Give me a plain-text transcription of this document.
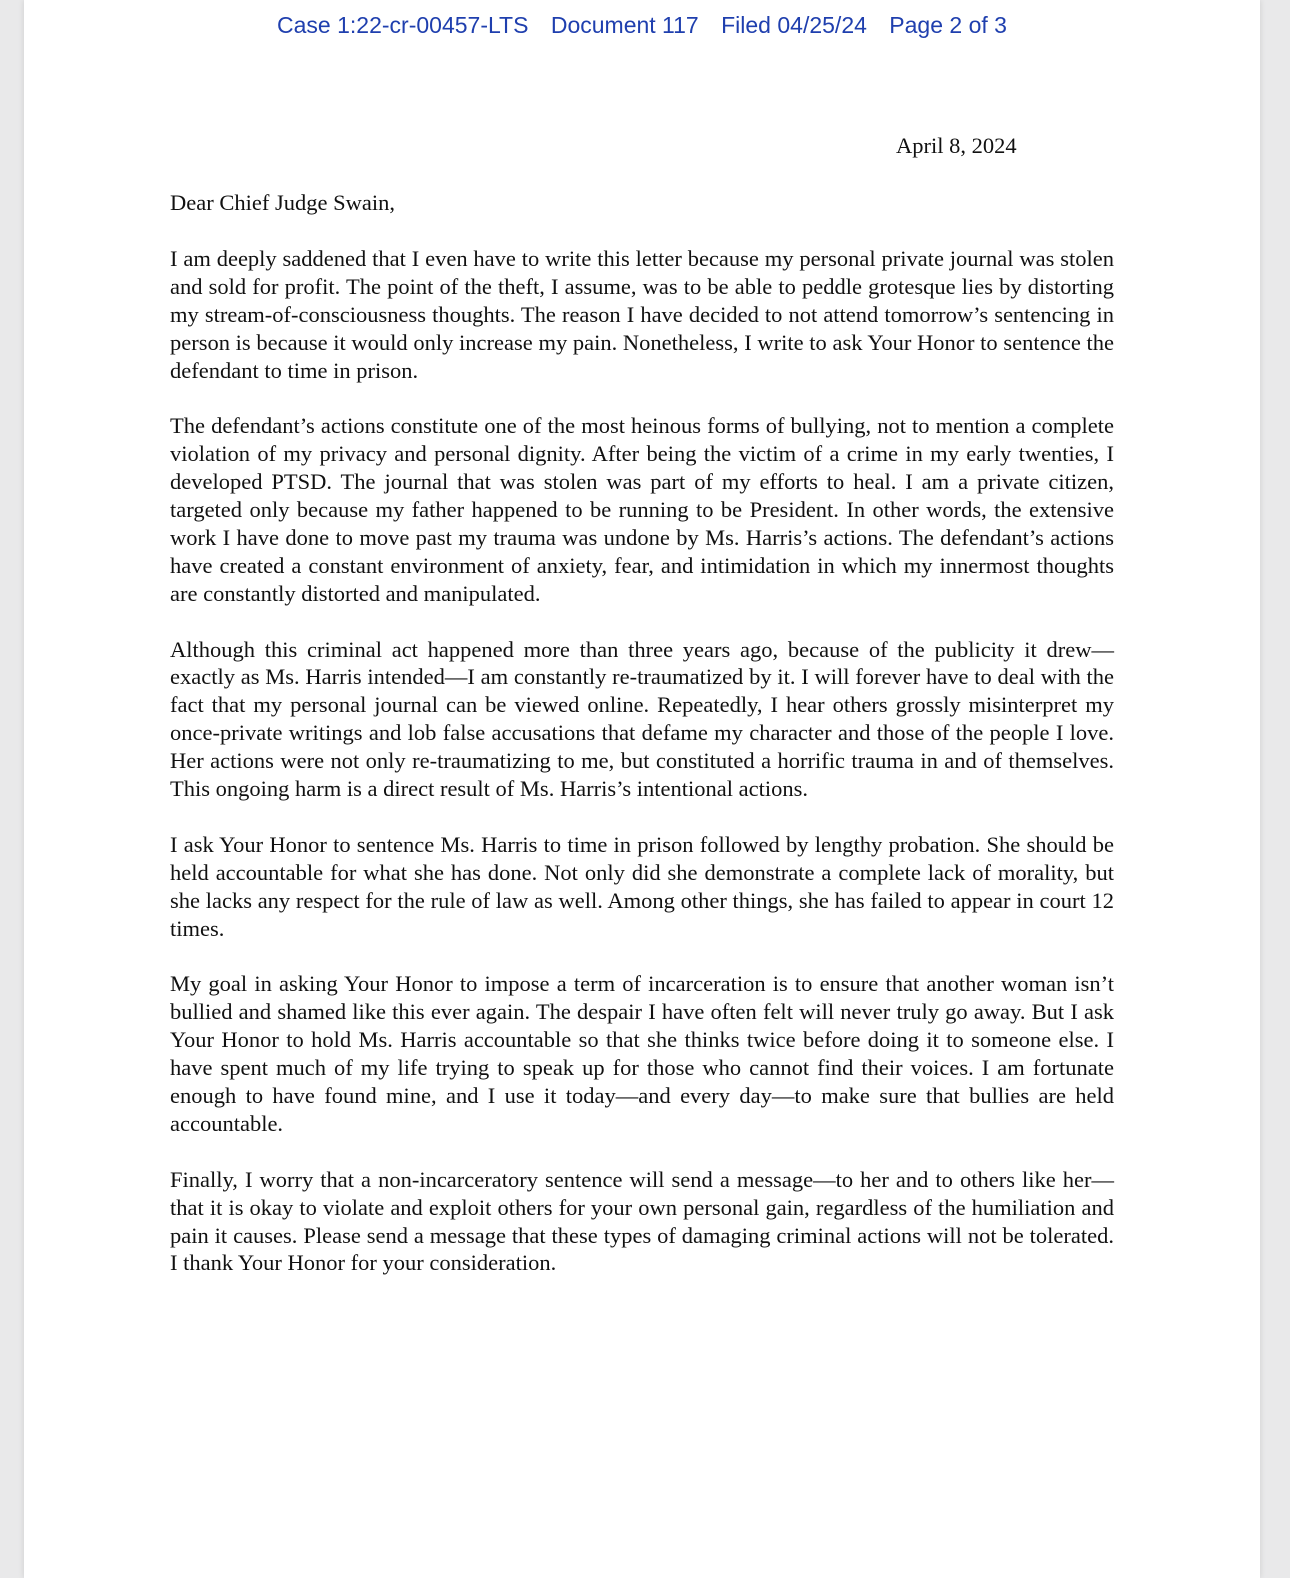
Case 1:22-cr-00457-LTS Document 117 Filed 04/25/24 Page 2 of 3
April 8, 2024

Dear Chief Judge Swain,

I am deeply saddened that I even have to write this letter because my personal private journal was stolen and sold for profit. The point of the theft, I assume, was to be able to peddle grotesque lies by distorting my stream-of-consciousness thoughts. The reason I have decided to not attend tomorrow’s sentencing in person is because it would only increase my pain. Nonetheless, I write to ask Your Honor to sentence the defendant to time in prison.

The defendant’s actions constitute one of the most heinous forms of bullying, not to mention a complete violation of my privacy and personal dignity. After being the victim of a crime in my early twenties, I developed PTSD. The journal that was stolen was part of my efforts to heal. I am a private citizen, targeted only because my father happened to be running to be President. In other words, the extensive work I have done to move past my trauma was undone by Ms. Harris’s actions. The defendant’s actions have created a constant environment of anxiety, fear, and intimidation in which my innermost thoughts are constantly distorted and manipulated.

Although this criminal act happened more than three years ago, because of the publicity it drew—exactly as Ms. Harris intended—I am constantly re-traumatized by it. I will forever have to deal with the fact that my personal journal can be viewed online. Repeatedly, I hear others grossly misinterpret my once-private writings and lob false accusations that defame my character and those of the people I love. Her actions were not only re-traumatizing to me, but constituted a horrific trauma in and of themselves. This ongoing harm is a direct result of Ms. Harris’s intentional actions.

I ask Your Honor to sentence Ms. Harris to time in prison followed by lengthy probation. She should be held accountable for what she has done. Not only did she demonstrate a complete lack of morality, but she lacks any respect for the rule of law as well. Among other things, she has failed to appear in court 12 times.

My goal in asking Your Honor to impose a term of incarceration is to ensure that another woman isn’t bullied and shamed like this ever again. The despair I have often felt will never truly go away. But I ask Your Honor to hold Ms. Harris accountable so that she thinks twice before doing it to someone else. I have spent much of my life trying to speak up for those who cannot find their voices. I am fortunate enough to have found mine, and I use it today—and every day—to make sure that bullies are held accountable.

Finally, I worry that a non-incarceratory sentence will send a message—to her and to others like her—that it is okay to violate and exploit others for your own personal gain, regardless of the humiliation and pain it causes. Please send a message that these types of damaging criminal actions will not be tolerated. I thank Your Honor for your consideration.
